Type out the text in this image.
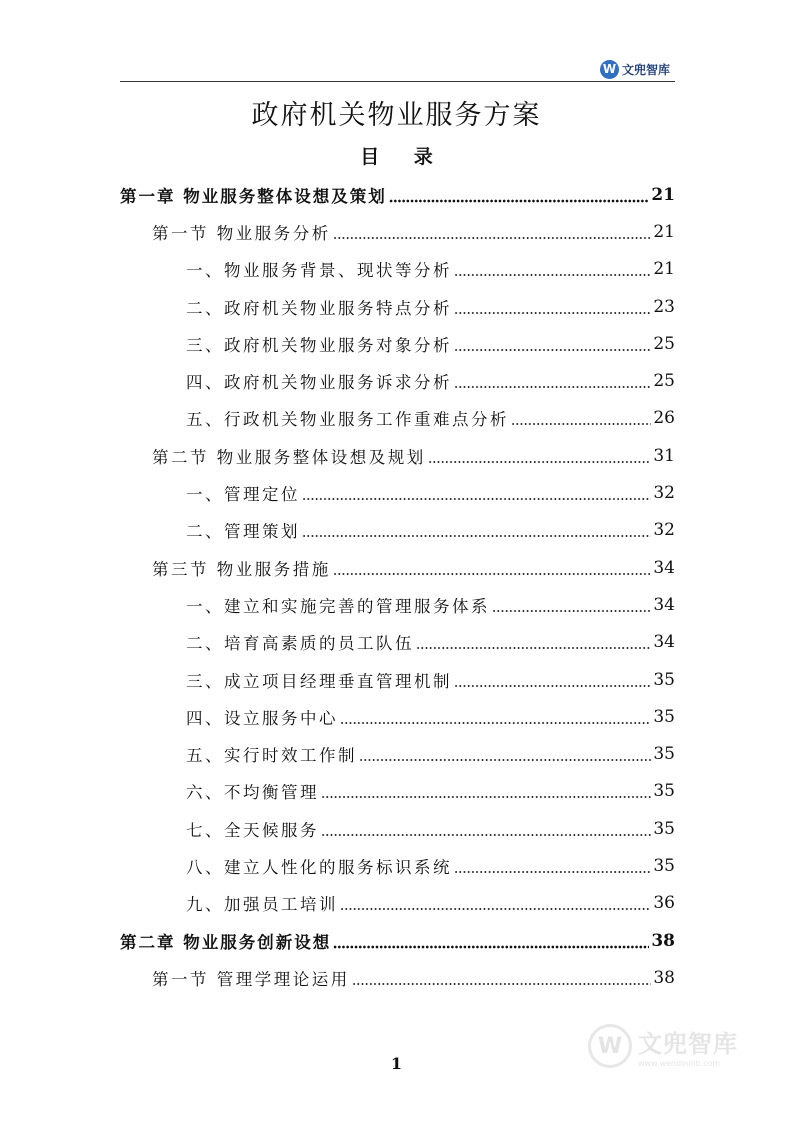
W 文兜智库
政府机关物业服务方案
目 录
第一章 物业服务整体设想及策划	21
第一节 物业服务分析	21
一、物业服务背景、现状等分析	21
二、政府机关物业服务特点分析	23
三、政府机关物业服务对象分析	25
四、政府机关物业服务诉求分析	25
五、行政机关物业服务工作重难点分析	26
第二节 物业服务整体设想及规划	31
一、管理定位	32
二、管理策划	32
第三节 物业服务措施	34
一、建立和实施完善的管理服务体系	34
二、培育高素质的员工队伍	34
三、成立项目经理垂直管理机制	35
四、设立服务中心	35
五、实行时效工作制	35
六、不均衡管理	35
七、全天候服务	35
八、建立人性化的服务标识系统	35
九、加强员工培训	36
第二章 物业服务创新设想	38
第一节 管理学理论运用	38
1
W 文兜智库
www.wendoulib.com
